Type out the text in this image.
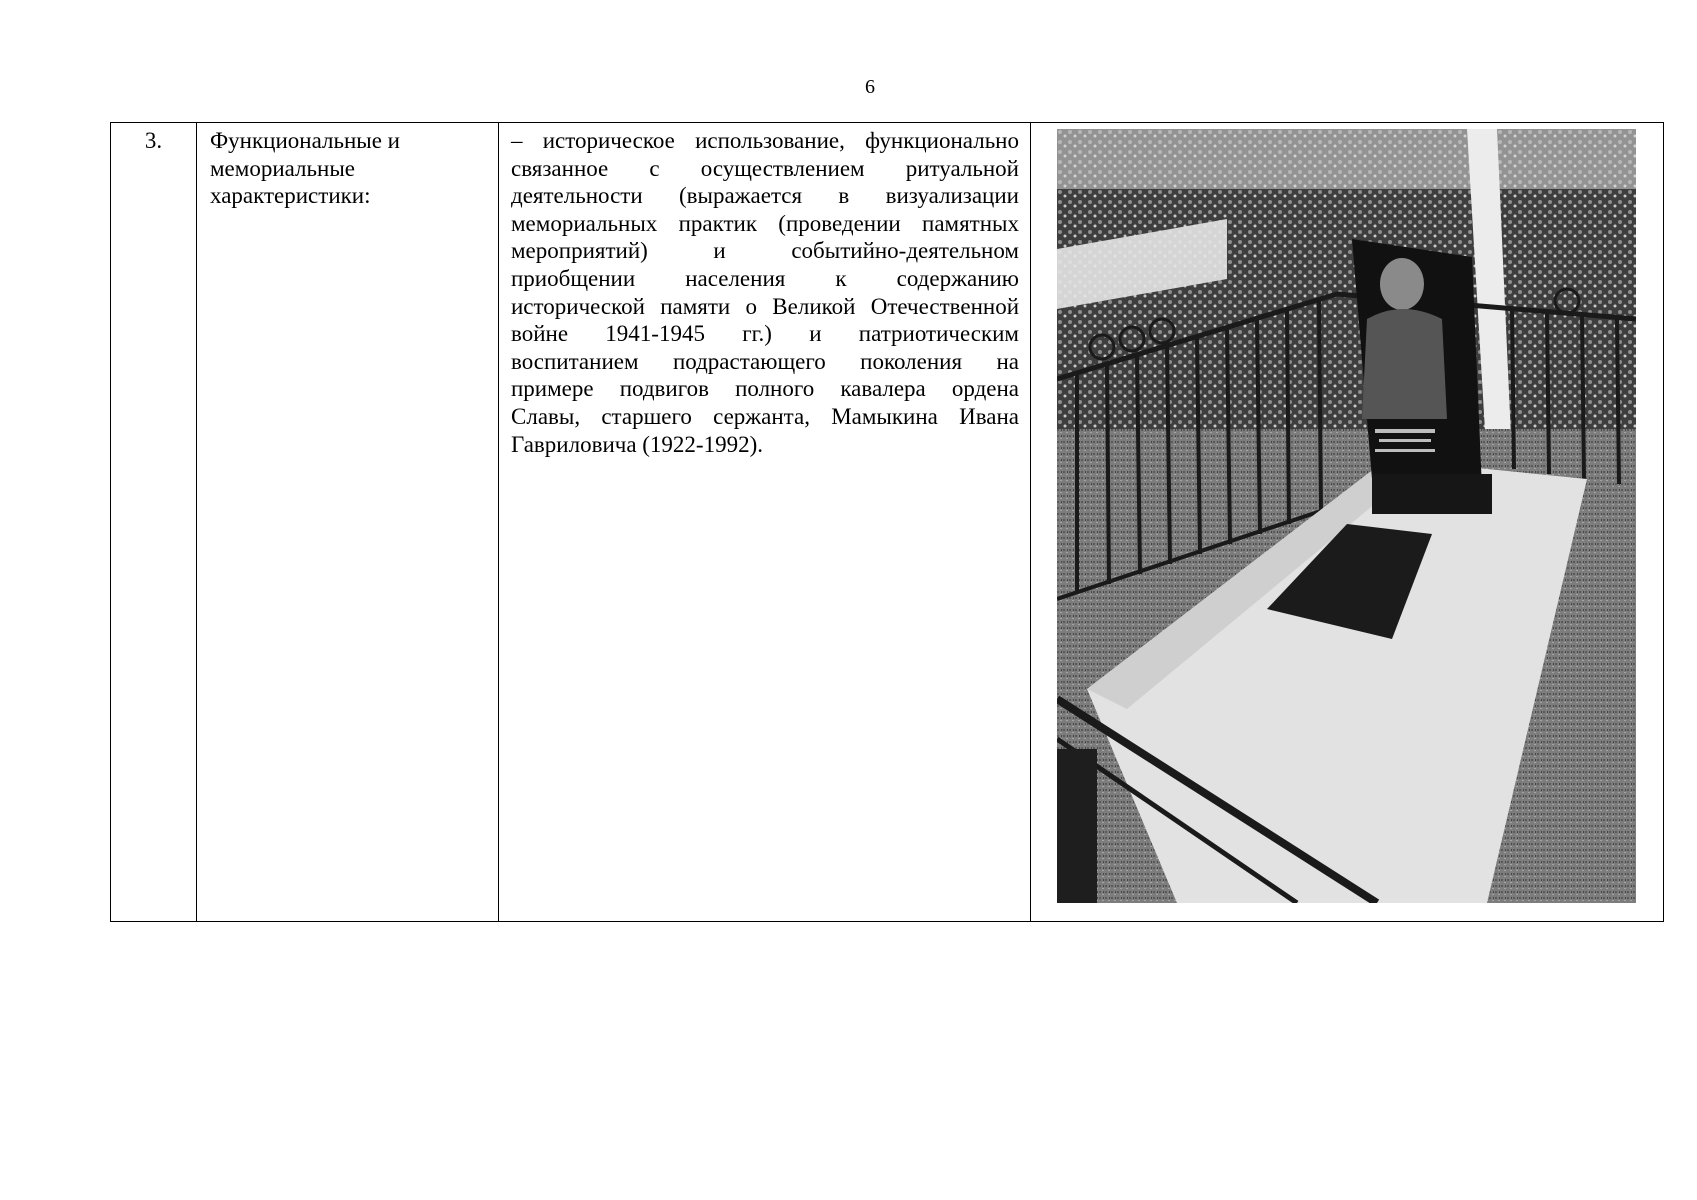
6
3.	Функциональные и
мемориальные
характеристики:
– историческое использование, функционально
связанное с осуществлением ритуальной
деятельности (выражается в визуализации
мемориальных практик (проведении памятных
мероприятий) и событийно-деятельном
приобщении населения к содержанию
исторической памяти о Великой Отечественной
войне 1941-1945 гг.) и патриотическим
воспитанием подрастающего поколения на
примере подвигов полного кавалера ордена
Славы, старшего сержанта, Мамыкина Ивана
Гавриловича (1922-1992).
